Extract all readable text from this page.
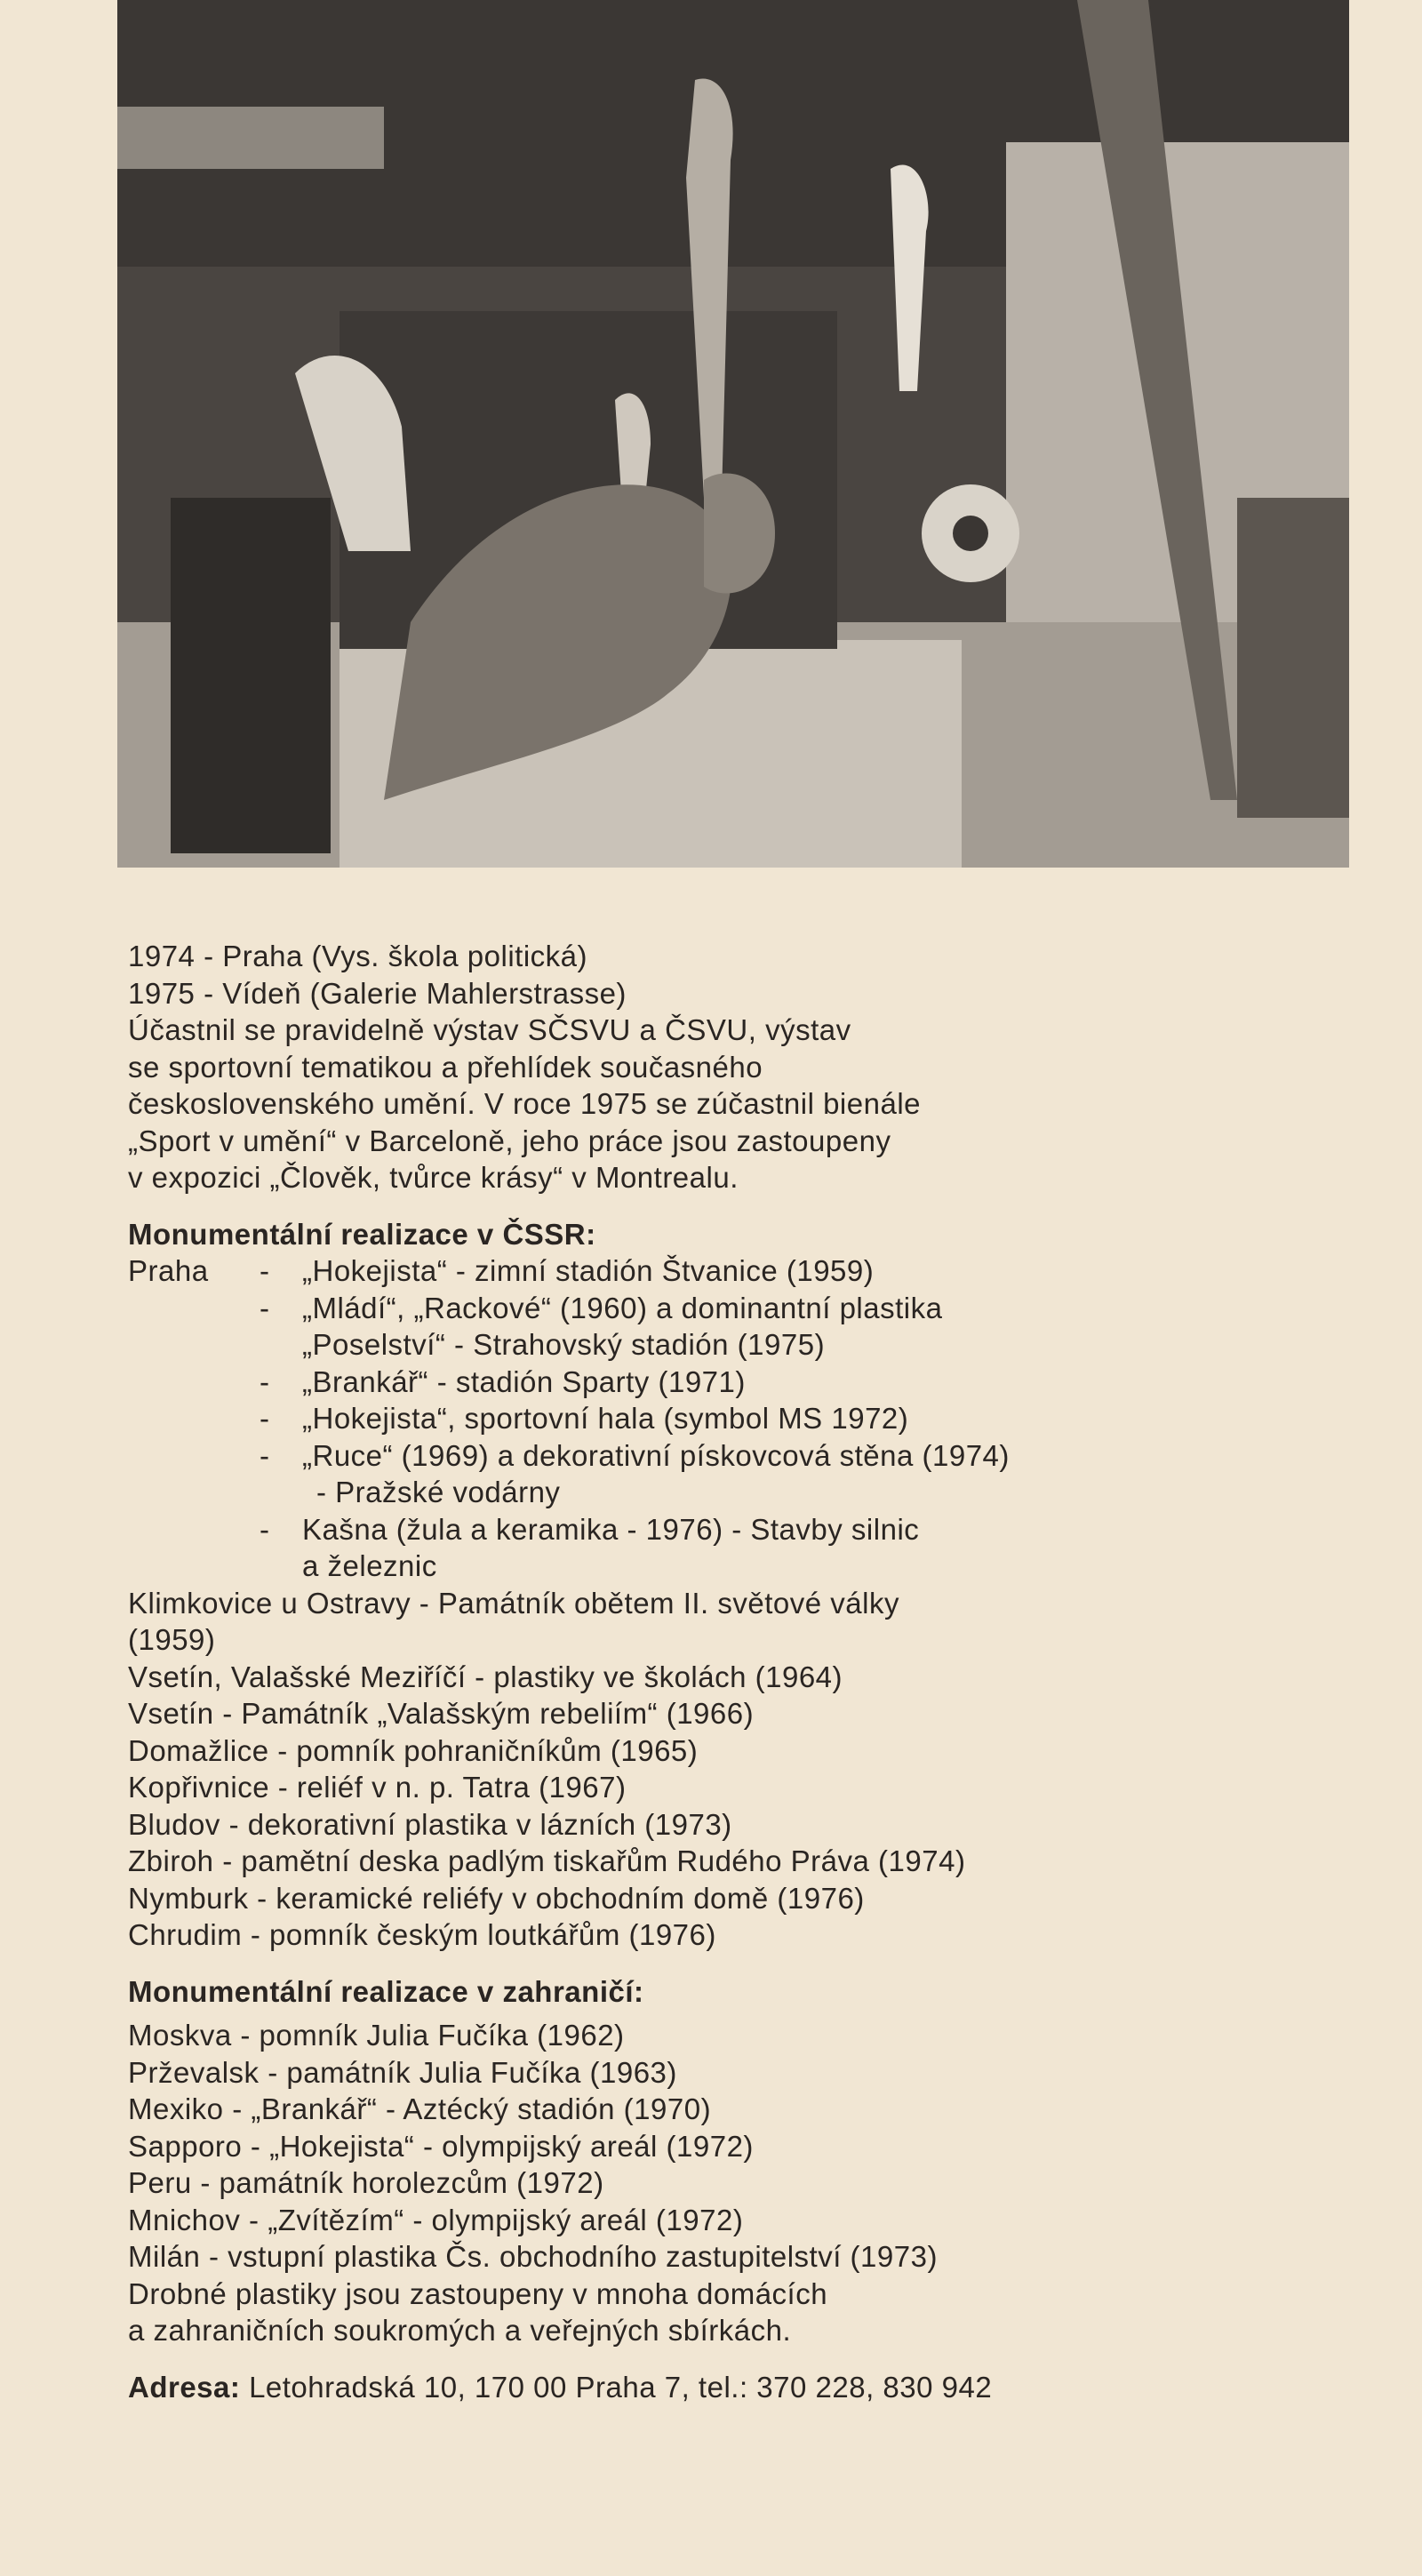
1974 - Praha (Vys. škola politická)
1975 - Vídeň (Galerie Mahlerstrasse)
Účastnil se pravidelně výstav SČSVU a ČSVU, výstav
se sportovní tematikou a přehlídek současného
československého umění. V roce 1975 se zúčastnil bienále
„Sport v umění“ v Barceloně, jeho práce jsou zastoupeny
v expozici „Člověk, tvůrce krásy“ v Montrealu.
Monumentální realizace v ČSSR:
Praha	-	„Hokejista“ - zimní stadión Štvanice (1959)
-	„Mládí“, „Rackové“ (1960) a dominantní plastika
„Poselství“ - Strahovský stadión (1975)
-	„Brankář“ - stadión Sparty (1971)
-	„Hokejista“, sportovní hala (symbol MS 1972)
-	„Ruce“ (1969) a dekorativní pískovcová stěna (1974)
- Pražské vodárny
-	Kašna (žula a keramika - 1976) - Stavby silnic
a železnic
Klimkovice u Ostravy - Památník obětem II. světové války
(1959)
Vsetín, Valašské Meziříčí - plastiky ve školách (1964)
Vsetín - Památník „Valašským rebeliím“ (1966)
Domažlice - pomník pohraničníkům (1965)
Kopřivnice - reliéf v n. p. Tatra (1967)
Bludov - dekorativní plastika v lázních (1973)
Zbiroh - pamětní deska padlým tiskařům Rudého Práva (1974)
Nymburk - keramické reliéfy v obchodním domě (1976)
Chrudim - pomník českým loutkářům (1976)
Monumentální realizace v zahraničí:
Moskva - pomník Julia Fučíka (1962)
Prževalsk - památník Julia Fučíka (1963)
Mexiko - „Brankář“ - Aztécký stadión (1970)
Sapporo - „Hokejista“ - olympijský areál (1972)
Peru - památník horolezcům (1972)
Mnichov - „Zvítězím“ - olympijský areál (1972)
Milán - vstupní plastika Čs. obchodního zastupitelství (1973)
Drobné plastiky jsou zastoupeny v mnoha domácích
a zahraničních soukromých a veřejných sbírkách.
Adresa: Letohradská 10, 170 00 Praha 7, tel.: 370 228, 830 942
